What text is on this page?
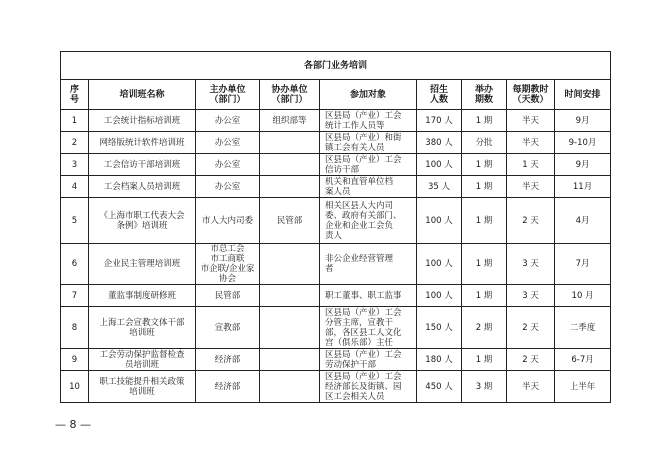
各部门业务培训								
序
号	培训班名称	主办单位
（部门）	协办单位
（部门）	参加对象	招生
人数	举办
期数	每期教时
（天数）	时间安排
1	工会统计指标培训班	办公室	组织部等	区县局（产业）工会
统计工作人员等	170 人	1 期	半天	9月
2	网络版统计软件培训班	办公室		区县局（产业）和街
镇工会有关人员	380 人	分批	半天	9-10月
3	工会信访干部培训班	办公室		区县局（产业）工会
信访干部	100 人	1 期	1 天	9月
4	工会档案人员培训班	办公室		机关和直管单位档
案人员	35 人	1 期	半天	11月
5	《上海市职工代表大会
条例》培训班	市人大内司委	民管部	相关区县人大内司
委、政府有关部门、
企业和企业工会负
责人	100 人	1 期	2 天	4月
6	企业民主管理培训班	市总工会
市工商联
市企联/企业家
协会		非公企业经营管理
者	100 人	1 期	3 天	7月
7	董监事制度研修班	民管部		职工董事、职工监事	100 人	1 期	3 天	10 月
8	上海工会宣教文体干部
培训班	宣教部		区县局（产业）工会
分管主席，宣教干
部，各区县工人文化
宫（俱乐部）主任	150 人	2 期	2 天	二季度
9	工会劳动保护监督检查
员培训班	经济部		区县局（产业）工会
劳动保护干部	180 人	1 期	2 天	6-7月
10	职工技能提升相关政策
培训班	经济部		区县局（产业）工会
经济部长及街镇、园
区工会相关人员	450 人	3 期	半天	上半年
— 8 —
